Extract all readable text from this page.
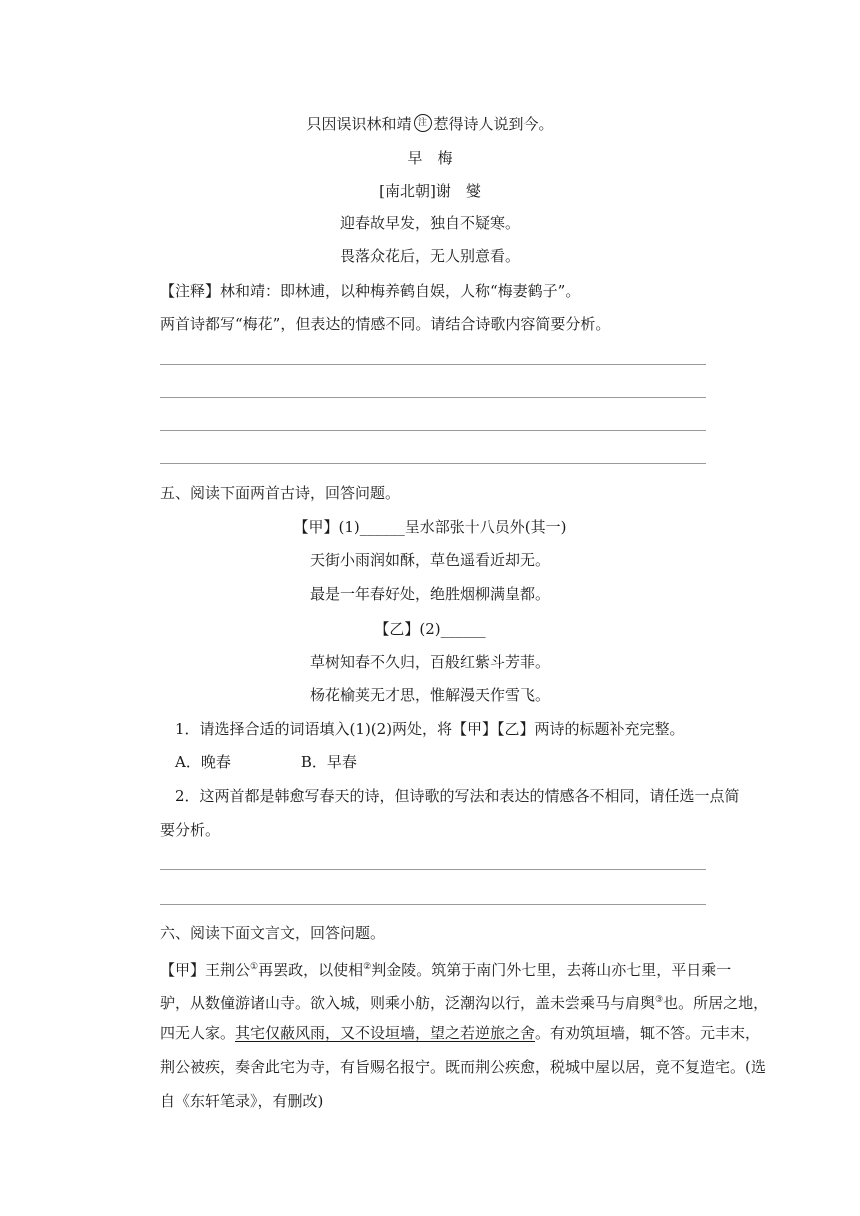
只因误识林和靖 注 惹得诗人说到今。
早　梅
[南北朝]谢　燮
迎春故早发，独自不疑寒。
畏落众花后，无人别意看。
【注释】林和靖：即林逋，以种梅养鹤自娱，人称“梅妻鹤子”。
两首诗都写“梅花”，但表达的情感不同。请结合诗歌内容简要分析。
五、阅读下面两首古诗，回答问题。
【甲】(1)______呈水部张十八员外(其一)
天街小雨润如酥，草色遥看近却无。
最是一年春好处，绝胜烟柳满皇都。
【乙】(2)______
草树知春不久归，百般红紫斗芳菲。
杨花榆荚无才思，惟解漫天作雪飞。
1．请选择合适的词语填入(1)(2)两处，将【甲】【乙】两诗的标题补充完整。
A．晚春	B．早春
2．这两首都是韩愈写春天的诗，但诗歌的写法和表达的情感各不相同，请任选一点简
要分析。
六、阅读下面文言文，回答问题。
【甲】王荆公①再罢政，以使相②判金陵。筑第于南门外七里，去蒋山亦七里，平日乘一
驴，从数僮游诸山寺。欲入城，则乘小舫，泛潮沟以行，盖未尝乘马与肩舆③也。所居之地，
四无人家。其宅仅蔽风雨，又不设垣墙，望之若逆旅之舍。有劝筑垣墙，辄不答。元丰末，
荆公被疾，奏舍此宅为寺，有旨赐名报宁。既而荆公疾愈，税城中屋以居，竟不复造宅。(选
自《东轩笔录》，有删改)
